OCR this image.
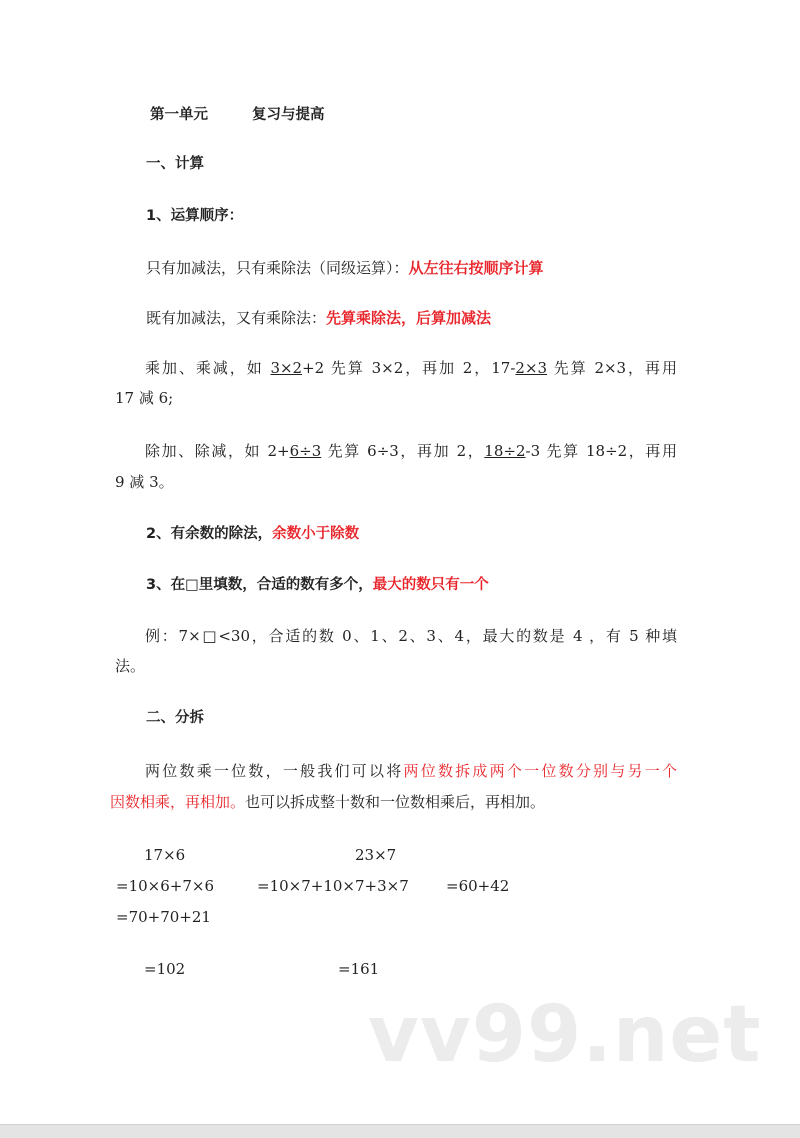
第一单元	复习与提高
一、计算
1、运算顺序：
只有加减法，只有乘除法（同级运算）：从左往右按顺序计算
既有加减法，又有乘除法：先算乘除法，后算加减法
乘加、乘减，如 3×2+2 先算 3×2，再加 2，17-2×3 先算 2×3，再用
17 减 6;
除加、除减，如 2+6÷3 先算 6÷3，再加 2，18÷2-3 先算 18÷2，再用
9 减 3。
2、有余数的除法，余数小于除数
3、在□里填数，合适的数有多个，最大的数只有一个
例：7×□<30，合适的数 0、1、2、3、4，最大的数是 4 ，有 5 种填
法。
二、分拆
两位数乘一位数，一般我们可以将两位数拆成两个一位数分别与另一个
因数相乘，再相加。也可以拆成整十数和一位数相乘后，再相加。
17×6
=10×6+7×6
=70+70+21
=102
23×7
=10×7+10×7+3×7
=161
=60+42
vv99.net
